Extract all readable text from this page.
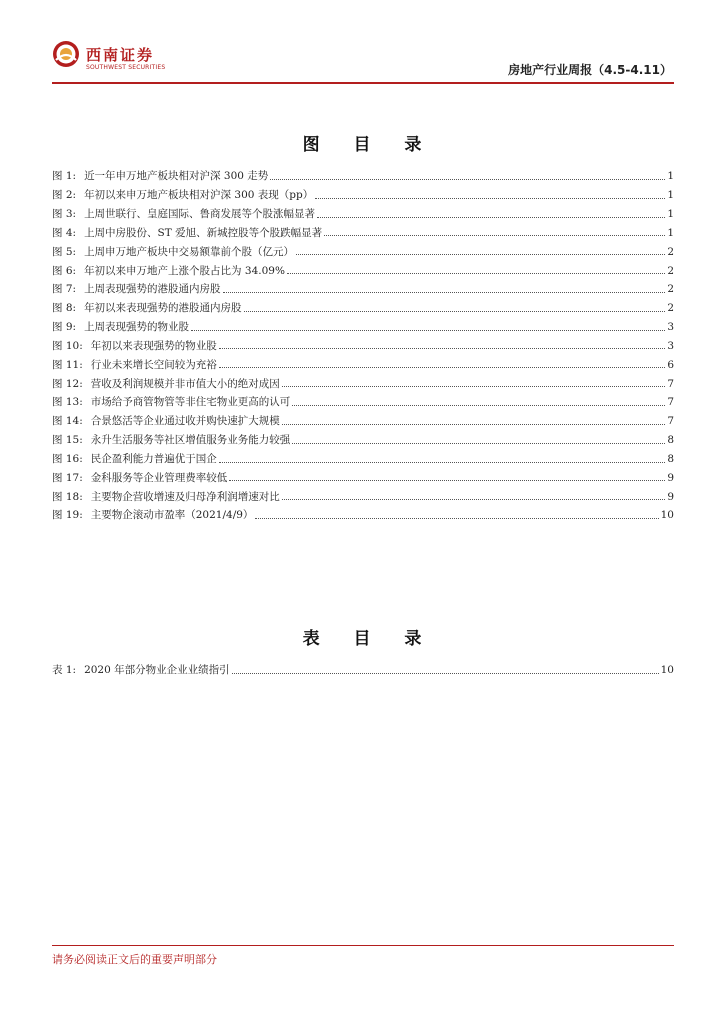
西南证券
SOUTHWEST SECURITIES	房地产行业周报（4.5-4.11）
图 目 录
图 1: 近一年申万地产板块相对沪深 300 走势	1
图 2: 年初以来申万地产板块相对沪深 300 表现（pp）	1
图 3: 上周世联行、皇庭国际、鲁商发展等个股涨幅显著	1
图 4: 上周中房股份、ST 爱旭、新城控股等个股跌幅显著	1
图 5: 上周申万地产板块中交易额靠前个股（亿元）	2
图 6: 年初以来申万地产上涨个股占比为 34.09%	2
图 7: 上周表现强势的港股通内房股	2
图 8: 年初以来表现强势的港股通内房股	2
图 9: 上周表现强势的物业股	3
图 10: 年初以来表现强势的物业股	3
图 11: 行业未来增长空间较为充裕	6
图 12: 营收及利润规模并非市值大小的绝对成因	7
图 13: 市场给予商管物管等非住宅物业更高的认可	7
图 14: 合景悠活等企业通过收并购快速扩大规模	7
图 15: 永升生活服务等社区增值服务业务能力较强	8
图 16: 民企盈利能力普遍优于国企	8
图 17: 金科服务等企业管理费率较低	9
图 18: 主要物企营收增速及归母净利润增速对比	9
图 19: 主要物企滚动市盈率（2021/4/9）	10
表 目 录
表 1: 2020 年部分物业企业业绩指引	10
请务必阅读正文后的重要声明部分
